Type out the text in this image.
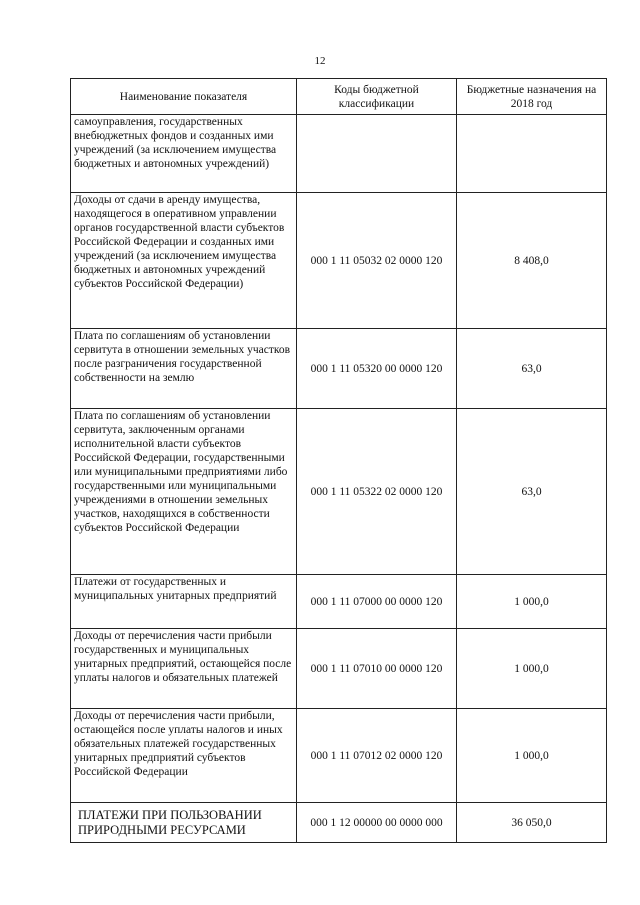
12
Наименование показателя	Коды бюджетной классификации	Бюджетные назначения на 2018 год
самоуправления, государственных внебюджетных фондов и созданных ими учреждений (за исключением имущества бюджетных и автономных учреждений)		
Доходы от сдачи в аренду имущества, находящегося в оперативном управлении органов государственной власти субъектов Российской Федерации и созданных ими учреждений (за исключением имущества бюджетных и автономных учреждений субъектов Российской Федерации)	000 1 11 05032 02 0000 120	8 408,0
Плата по соглашениям об установлении сервитута в отношении земельных участков после разграничения государственной собственности на землю	000 1 11 05320 00 0000 120	63,0
Плата по соглашениям об установлении сервитута, заключенным органами исполнительной власти субъектов Российской Федерации, государственными или муниципальными предприятиями либо государственными или муниципальными учреждениями в отношении земельных участков, находящихся в собственности субъектов Российской Федерации	000 1 11 05322 02 0000 120	63,0
Платежи от государственных и муниципальных унитарных предприятий	000 1 11 07000 00 0000 120	1 000,0
Доходы от перечисления части прибыли государственных и муниципальных унитарных предприятий, остающейся после уплаты налогов и обязательных платежей	000 1 11 07010 00 0000 120	1 000,0
Доходы от перечисления части прибыли, остающейся после уплаты налогов и иных обязательных платежей государственных унитарных предприятий субъектов Российской Федерации	000 1 11 07012 02 0000 120	1 000,0
ПЛАТЕЖИ ПРИ ПОЛЬЗОВАНИИ ПРИРОДНЫМИ РЕСУРСАМИ	000 1 12 00000 00 0000 000	36 050,0
